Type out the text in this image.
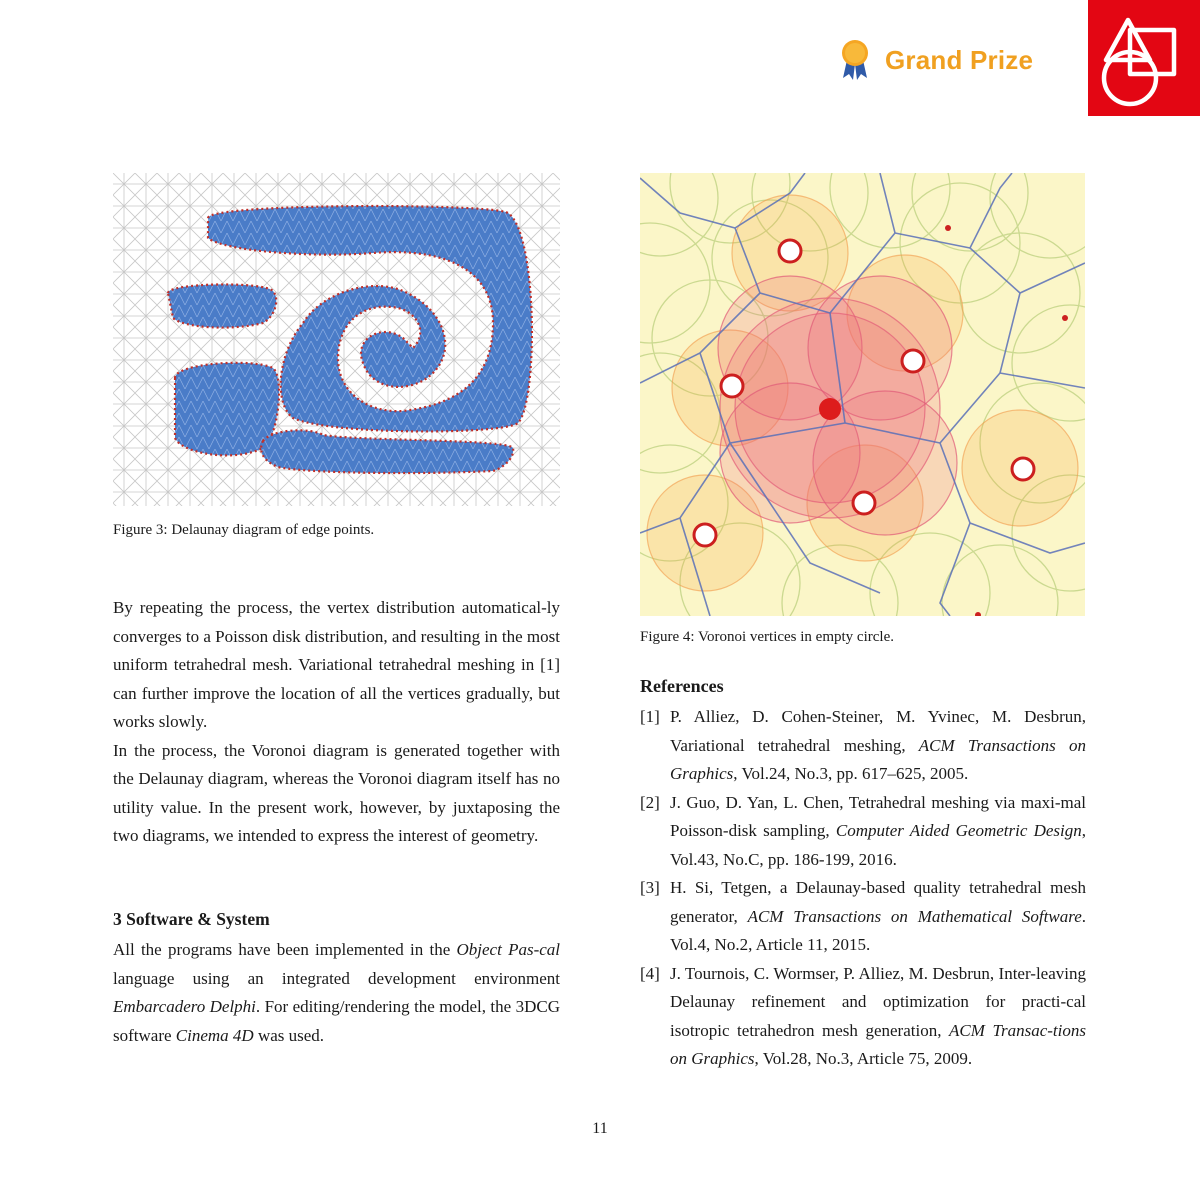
Grand Prize
Figure 3: Delaunay diagram of edge points.
Figure 4: Voronoi vertices in empty circle.

By repeating the process, the vertex distribution automatical-ly converges to a Poisson disk distribution, and resulting in the most uniform tetrahedral mesh. Variational tetrahedral meshing in [1] can further improve the location of all the vertices gradually, but works slowly.

In the process, the Voronoi diagram is generated together with the Delaunay diagram, whereas the Voronoi diagram itself has no utility value. In the present work, however, by juxtaposing the two diagrams, we intended to express the interest of geometry.

3 Software & System

All the programs have been implemented in the Object Pas-cal language using an integrated development environment Embarcadero Delphi. For editing/rendering the model, the 3DCG software Cinema 4D was used.

References
[1] P. Alliez, D. Cohen-Steiner, M. Yvinec, M. Desbrun, Variational tetrahedral meshing, ACM Transactions on Graphics, Vol.24, No.3, pp. 617–625, 2005.
[2] J. Guo, D. Yan, L. Chen, Tetrahedral meshing via maxi-mal Poisson-disk sampling, Computer Aided Geometric Design, Vol.43, No.C, pp. 186-199, 2016.
[3] H. Si, Tetgen, a Delaunay-based quality tetrahedral mesh generator, ACM Transactions on Mathematical Software. Vol.4, No.2, Article 11, 2015.
[4] J. Tournois, C. Wormser, P. Alliez, M. Desbrun, Inter-leaving Delaunay refinement and optimization for practi-cal isotropic tetrahedron mesh generation, ACM Transac-tions on Graphics, Vol.28, No.3, Article 75, 2009.
11
